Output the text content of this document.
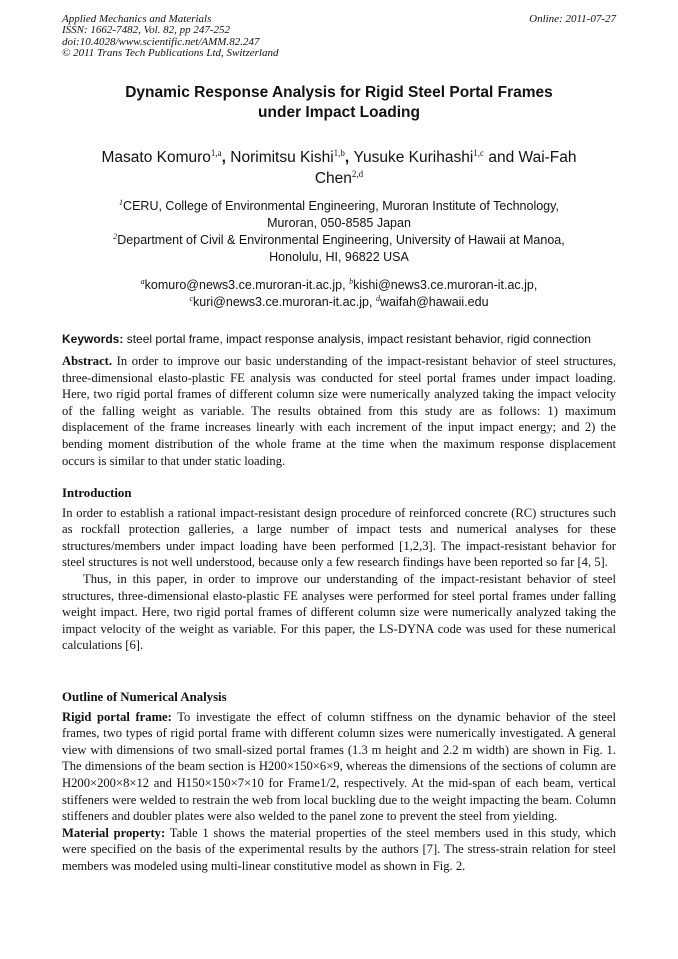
Applied Mechanics and Materials
ISSN: 1662-7482, Vol. 82, pp 247-252
doi:10.4028/www.scientific.net/AMM.82.247
© 2011 Trans Tech Publications Ltd, Switzerland
Online: 2011-07-27
Dynamic Response Analysis for Rigid Steel Portal Frames
under Impact Loading
Masato Komuro$^{1,a}$, Norimitsu Kishi$^{1,b}$, Yusuke Kurihashi$^{1,c}$ and Wai-Fah
Chen$^{2,d}$
$^1$CERU, College of Environmental Engineering, Muroran Institute of Technology,
Muroran, 050-8585 Japan
$^2$Department of Civil & Environmental Engineering, University of Hawaii at Manoa,
Honolulu, HI, 96822 USA
$^a$komuro@news3.ce.muroran-it.ac.jp, $^b$kishi@news3.ce.muroran-it.ac.jp,
$^c$kuri@news3.ce.muroran-it.ac.jp, $^d$waifah@hawaii.edu
Keywords: steel portal frame, impact response analysis, impact resistant behavior, rigid connection

Abstract. In order to improve our basic understanding of the impact-resistant behavior of steel structures, three-dimensional elasto-plastic FE analysis was conducted for steel portal frames under impact loading. Here, two rigid portal frames of different column size were numerically analyzed taking the impact velocity of the falling weight as variable. The results obtained from this study are as follows: 1) maximum displacement of the frame increases linearly with each increment of the input impact energy; and 2) the bending moment distribution of the whole frame at the time when the maximum response displacement occurs is similar to that under static loading.

Introduction

In order to establish a rational impact-resistant design procedure of reinforced concrete (RC) structures such as rockfall protection galleries, a large number of impact tests and numerical analyses for these structures/members under impact loading have been performed [1,2,3]. The impact-resistant behavior for steel structures is not well understood, because only a few research findings have been reported so far [4, 5].

Thus, in this paper, in order to improve our understanding of the impact-resistant behavior of steel structures, three-dimensional elasto-plastic FE analyses were performed for steel portal frames under falling weight impact. Here, two rigid portal frames of different column size were numerically analyzed taking the impact velocity of the weight as variable. For this paper, the LS-DYNA code was used for these numerical calculations [6].

Outline of Numerical Analysis

Rigid portal frame: To investigate the effect of column stiffness on the dynamic behavior of the steel frames, two types of rigid portal frame with different column sizes were numerically investigated. A general view with dimensions of two small-sized portal frames (1.3 m height and 2.2 m width) are shown in Fig. 1. The dimensions of the beam section is H200×150×6×9, whereas the dimensions of the sections of column are H200×200×8×12 and H150×150×7×10 for Frame1/2, respectively. At the mid-span of each beam, vertical stiffeners were welded to restrain the web from local buckling due to the weight impacting the beam. Column stiffeners and doubler plates were also welded to the panel zone to prevent the steel from yielding.

Material property: Table 1 shows the material properties of the steel members used in this study, which were specified on the basis of the experimental results by the authors [7]. The stress-strain relation for steel members was modeled using multi-linear constitutive model as shown in Fig. 2.
